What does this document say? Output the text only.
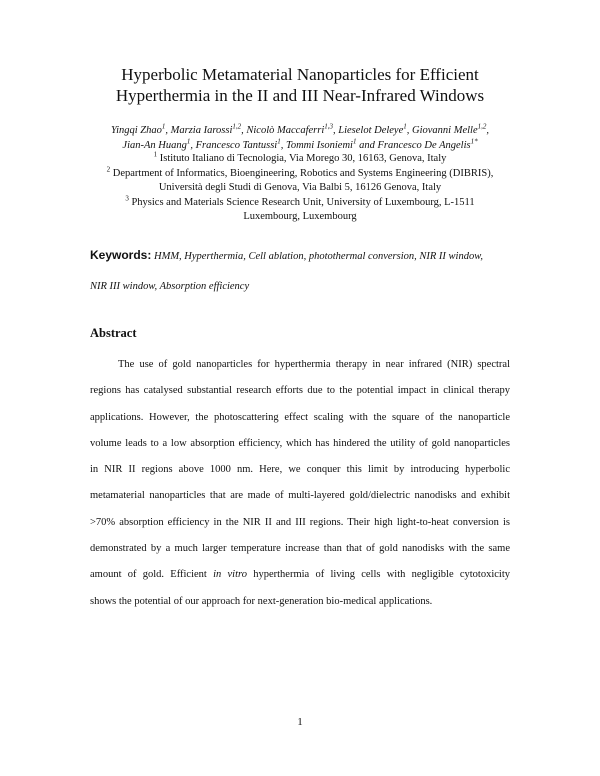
Hyperbolic Metamaterial Nanoparticles for Efficient
Hyperthermia in the II and III Near-Infrared Windows
Yingqi Zhao$^1$, Marzia Iarossi$^{1,2}$, Nicolò Maccaferri$^{1,3}$, Lieselot Deleye$^1$, Giovanni Melle$^{1,2}$,
Jian-An Huang$^1$, Francesco Tantussi$^1$, Tommi Isoniemi$^1$ and Francesco De Angelis$^{1*}$
$^1$ Istituto Italiano di Tecnologia, Via Morego 30, 16163, Genova, Italy
$^2$ Department of Informatics, Bioengineering, Robotics and Systems Engineering (DIBRIS),
Università degli Studi di Genova, Via Balbi 5, 16126 Genova, Italy
$^3$ Physics and Materials Science Research Unit, University of Luxembourg, L-1511
Luxembourg, Luxembourg
Keywords: HMM, Hyperthermia, Cell ablation, photothermal conversion, NIR II window,
NIR III window, Absorption efficiency
Abstract
The use of gold nanoparticles for hyperthermia therapy in near infrared (NIR) spectral
regions has catalysed substantial research efforts due to the potential impact in clinical therapy
applications. However, the photoscattering effect scaling with the square of the nanoparticle
volume leads to a low absorption efficiency, which has hindered the utility of gold nanoparticles
in NIR II regions above 1000 nm. Here, we conquer this limit by introducing hyperbolic
metamaterial nanoparticles that are made of multi-layered gold/dielectric nanodisks and exhibit
>70% absorption efficiency in the NIR II and III regions. Their high light-to-heat conversion is
demonstrated by a much larger temperature increase than that of gold nanodisks with the same
amount of gold. Efficient in vitro hyperthermia of living cells with negligible cytotoxicity
shows the potential of our approach for next-generation bio-medical applications.
1
